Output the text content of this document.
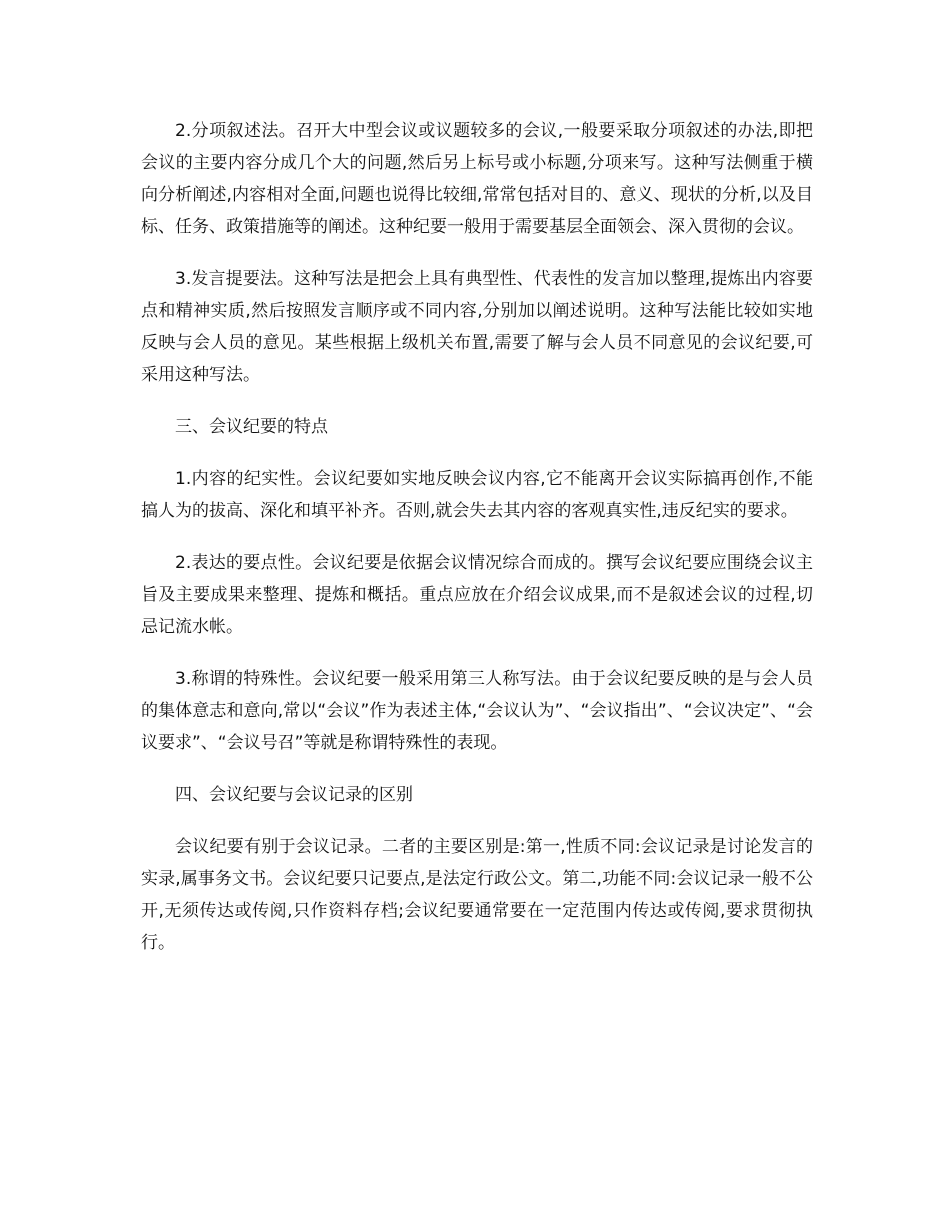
2.分项叙述法。召开大中型会议或议题较多的会议,一般要采取分项叙述的办法,即把会议的主要内容分成几个大的问题,然后另上标号或小标题,分项来写。这种写法侧重于横向分析阐述,内容相对全面,问题也说得比较细,常常包括对目的、意义、现状的分析,以及目标、任务、政策措施等的阐述。这种纪要一般用于需要基层全面领会、深入贯彻的会议。

3.发言提要法。这种写法是把会上具有典型性、代表性的发言加以整理,提炼出内容要点和精神实质,然后按照发言顺序或不同内容,分别加以阐述说明。这种写法能比较如实地反映与会人员的意见。某些根据上级机关布置,需要了解与会人员不同意见的会议纪要,可采用这种写法。

三、会议纪要的特点

1.内容的纪实性。会议纪要如实地反映会议内容,它不能离开会议实际搞再创作,不能搞人为的拔高、深化和填平补齐。否则,就会失去其内容的客观真实性,违反纪实的要求。

2.表达的要点性。会议纪要是依据会议情况综合而成的。撰写会议纪要应围绕会议主旨及主要成果来整理、提炼和概括。重点应放在介绍会议成果,而不是叙述会议的过程,切忌记流水帐。

3.称谓的特殊性。会议纪要一般采用第三人称写法。由于会议纪要反映的是与会人员的集体意志和意向,常以“会议”作为表述主体,“会议认为”、“会议指出”、“会议决定”、“会议要求”、“会议号召”等就是称谓特殊性的表现。

四、会议纪要与会议记录的区别

会议纪要有别于会议记录。二者的主要区别是:第一,性质不同:会议记录是讨论发言的实录,属事务文书。会议纪要只记要点,是法定行政公文。第二,功能不同:会议记录一般不公开,无须传达或传阅,只作资料存档;会议纪要通常要在一定范围内传达或传阅,要求贯彻执行。
